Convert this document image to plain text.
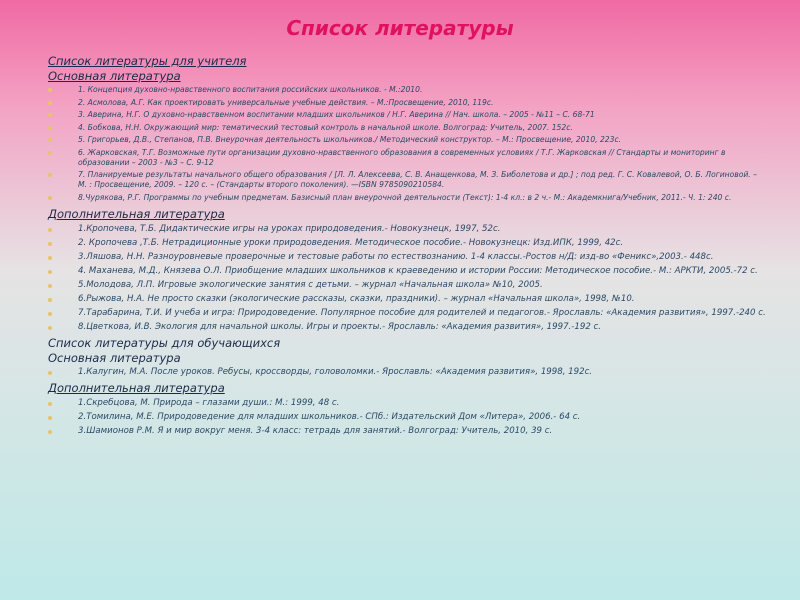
Список литературы
Список литературы для учителя
Основная литература
1. Концепция духовно-нравственного воспитания российских школьников. - М.:2010.
2. Асмолова, А.Г. Как проектировать универсальные учебные действия. – М.:Просвещение, 2010, 119с.
3. Аверина, Н.Г. О духовно-нравственном воспитании младших школьников / Н.Г. Аверина // Нач. школа. – 2005 - №11 – С. 68-71
4. Бобкова, Н.Н. Окружающий мир: тематический тестовый контроль в начальной школе. Волгоград: Учитель, 2007. 152с.
5. Григорьев, Д.В., Степанов, П.В. Внеурочная деятельность школьников./ Методический конструктор. – М.: Просвещение, 2010, 223с.
6. Жарковская, Т.Г. Возможные пути организации духовно-нравственного образования в современных условиях / Т.Г. Жарковская // Стандарты и мониторинг в образовании – 2003 - №3 – С. 9-12
7. Планируемые результаты начального общего образования / [Л. Л. Алексеева, С. В. Анащенкова, М. З. Биболетова и др.] ; под ред. Г. С. Ковалевой, О. Б. Логиновой. – М. : Просвещение, 2009. – 120 с. – (Стандарты второго поколения). —ISBN 9785090210584.
8.Чурякова, Р.Г. Программы по учебным предметам. Базисный план внеурочной деятельности (Текст): 1-4 кл.: в 2 ч.- М.: Академкнига/Учебник, 2011.- Ч. 1: 240 с.
Дополнительная литература
1.Кропочева, Т.Б. Дидактические игры на уроках природоведения.- Новокузнецк, 1997, 52с.
2. Кропочева ,Т.Б. Нетрадиционные уроки природоведения. Методическое пособие.- Новокузнецк: Изд.ИПК, 1999, 42с.
3.Ляшова, Н.Н. Разноуровневые проверочные и тестовые работы по естествознанию. 1-4 классы.-Ростов н/Д: изд-во «Феникс»,2003.- 448с.
4. Маханева, М.Д., Князева О.Л. Приобщение младших школьников к краеведению и истории России: Методическое пособие.- М.: АРКТИ, 2005.-72 с.
5.Молодова, Л.П. Игровые экологические занятия с детьми. – журнал «Начальная школа» №10, 2005.
6.Рыжова, Н.А. Не просто сказки (экологические рассказы, сказки, праздники). – журнал «Начальная школа», 1998, №10.
7.Тарабарина, Т.И. И учеба и игра: Природоведение. Популярное пособие для родителей и педагогов.- Ярославль: «Академия развития», 1997.-240 с.
8.Цветкова, И.В. Экология для начальной школы. Игры и проекты.- Ярославль: «Академия развития», 1997.-192 с.
Список литературы для обучающихся
Основная литература
1.Калугин, М.А. После уроков. Ребусы, кроссворды, головоломки.- Ярославль: «Академия развития», 1998, 192с.
Дополнительная литература
1.Скребцова, М. Природа – глазами души.: М.: 1999, 48 с.
2.Томилина, М.Е. Природоведение для младших школьников.- СПб.: Издательский Дом «Литера», 2006.- 64 с.
3.Шамионов Р.М. Я и мир вокруг меня. 3-4 класс: тетрадь для занятий.- Волгоград: Учитель, 2010, 39 с.
